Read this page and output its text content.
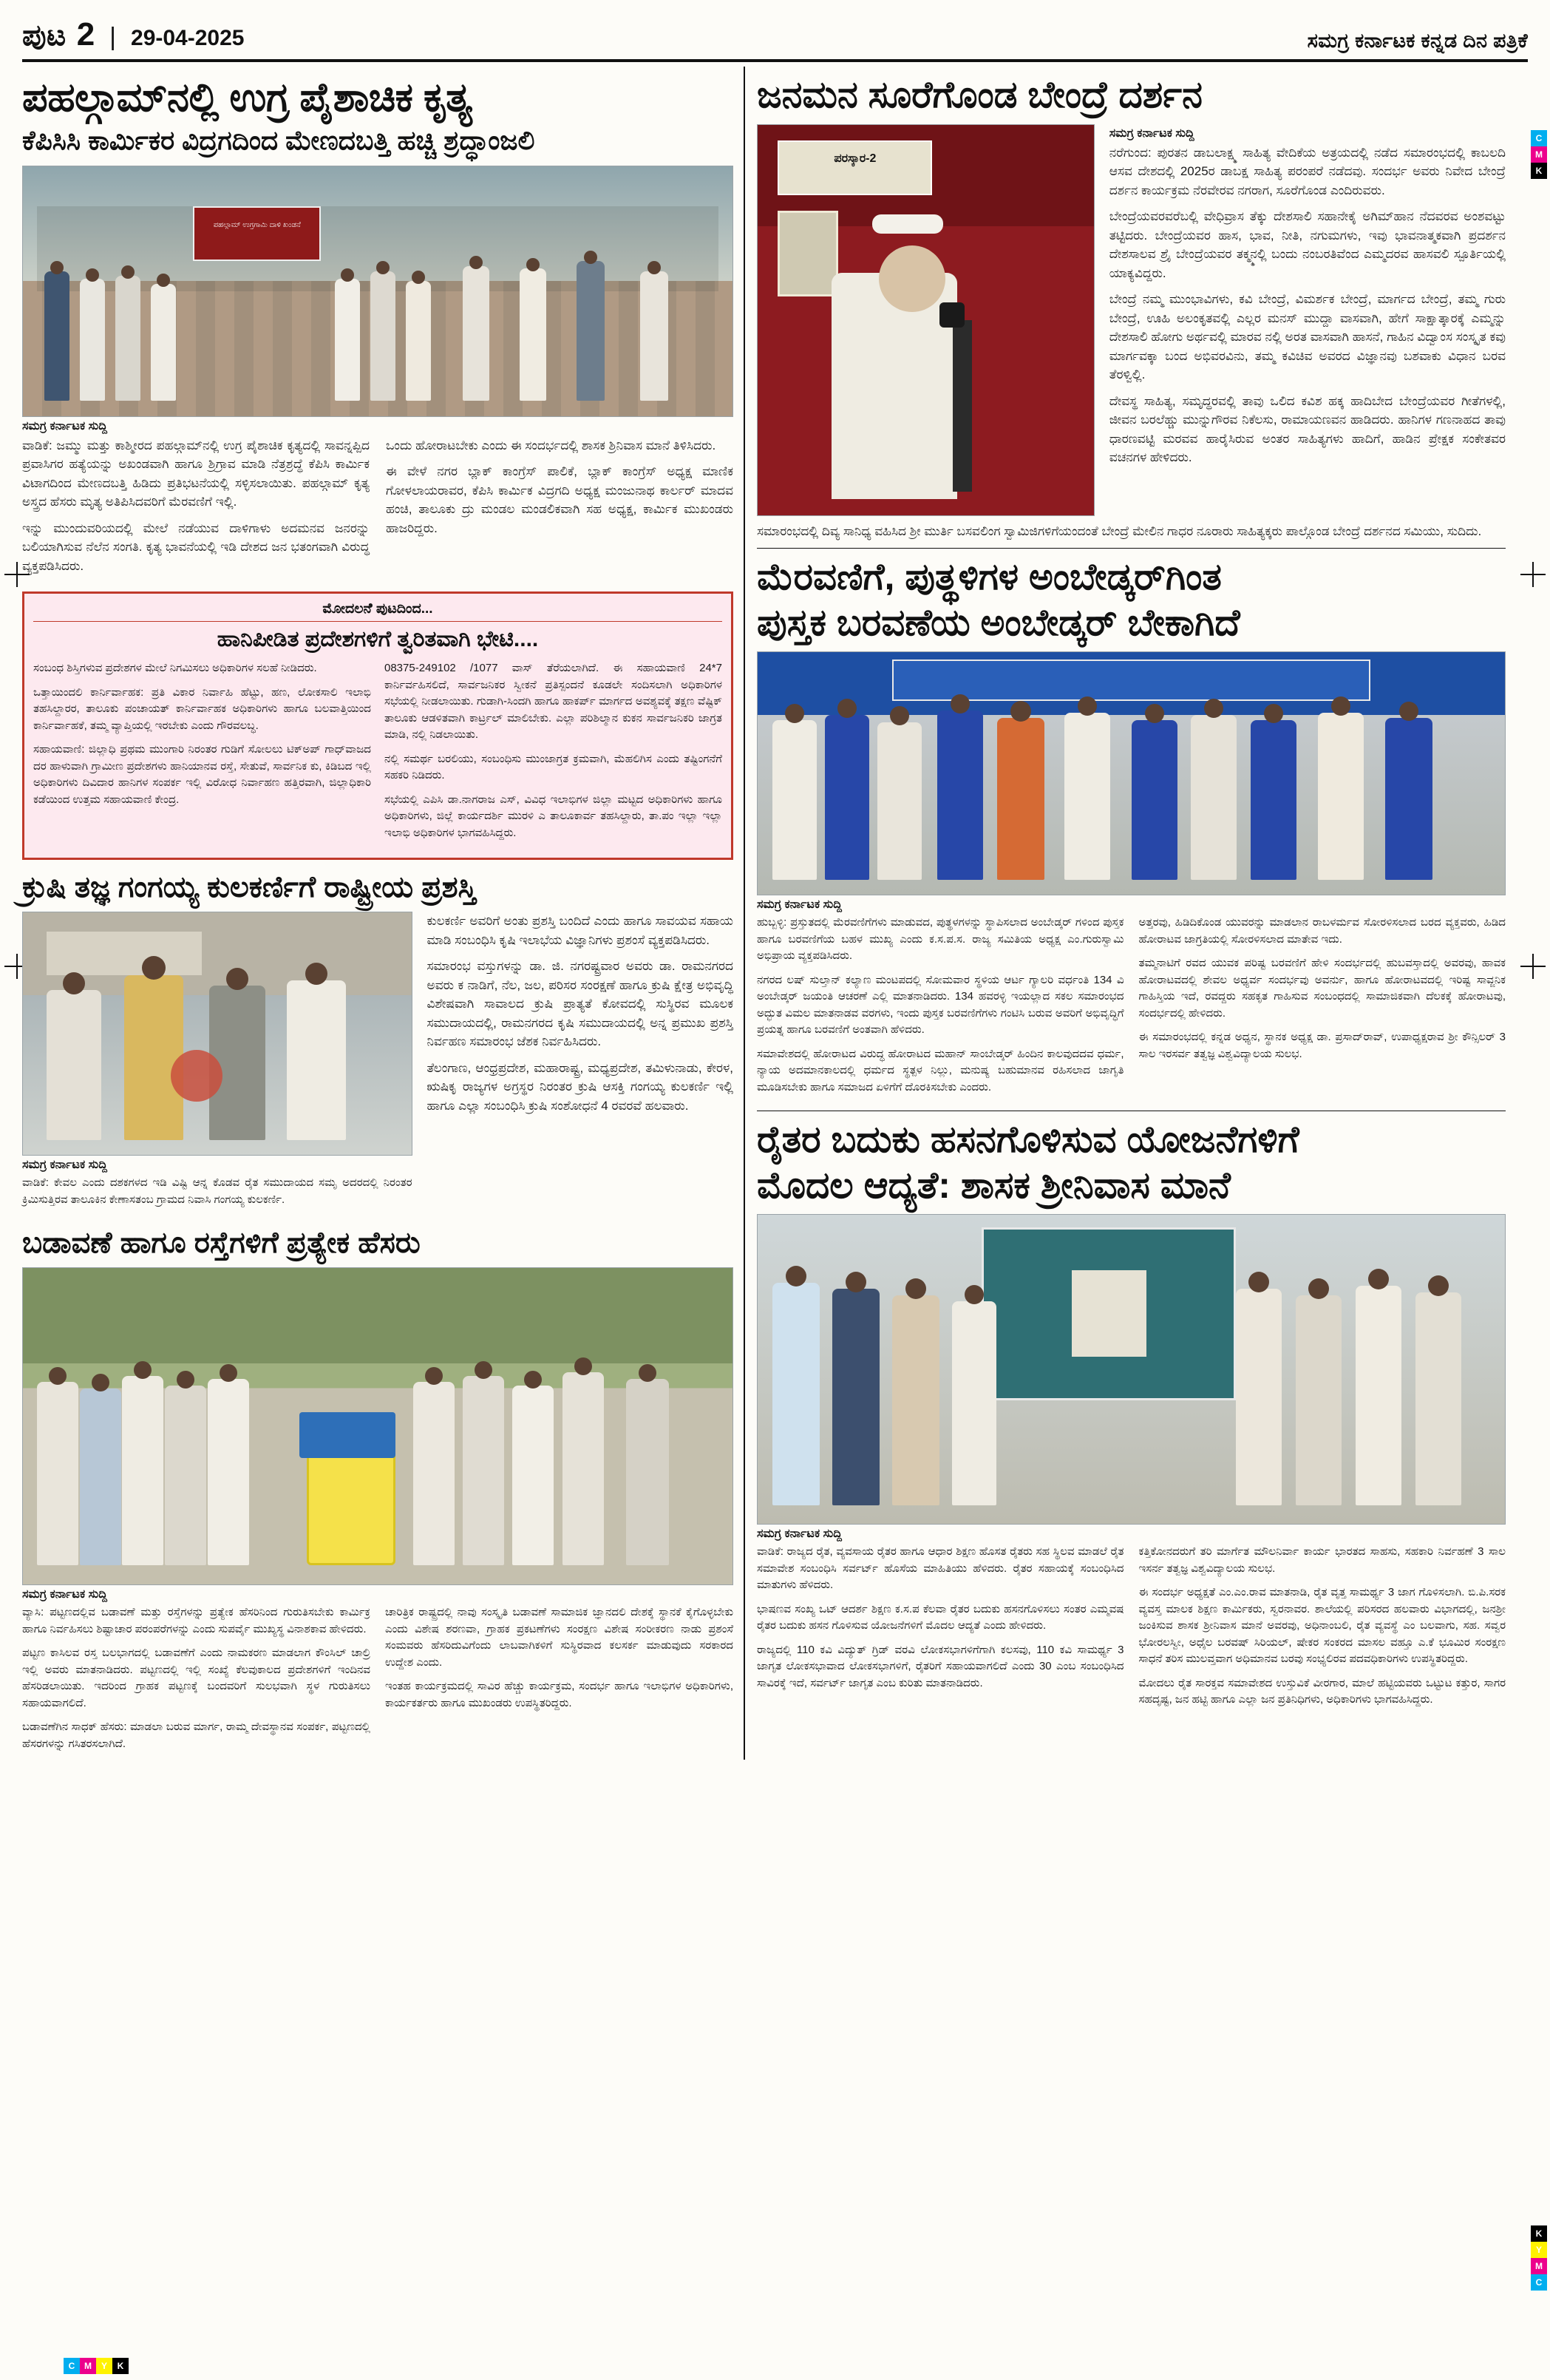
K
Y
M
C
C	M	Y	K
C
M
K
ಪುಟ 2 | 29-04-2025	ಸಮಗ್ರ ಕರ್ನಾಟಕ ಕನ್ನಡ ದಿನ ಪತ್ರಿಕೆ
ಪಹಲ್ಗಾಮ್‌ನಲ್ಲಿ ಉಗ್ರ ಪೈಶಾಚಿಕ ಕೃತ್ಯ
ಕೆಪಿಸಿಸಿ ಕಾರ್ಮಿಕರ ವಿದ್ರಗದಿಂದ ಮೇಣದಬತ್ತಿ ಹಚ್ಚಿ ಶ್ರದ್ಧಾಂಜಲಿ
ಪಹಲ್ಗಾಮ್ ಉಗ್ರಗಾಮಿ ದಾಳಿ ಖಂಡನೆ
ಸಮಗ್ರ ಕರ್ನಾಟಕ ಸುದ್ದಿ

ವಾಡಿಕೆ: ಜಮ್ಮು ಮತ್ತು ಕಾಶ್ಮೀರದ ಪಹಲ್ಗಾಮ್‌ನಲ್ಲಿ ಉಗ್ರ ಪೈಶಾಚಿಕ ಕೃತ್ಯದಲ್ಲಿ ಸಾವನ್ನಪ್ಪಿದ ಪ್ರವಾಸಿಗರ ಹತ್ಯೆಯನ್ನು ಅಖಂಡವಾಗಿ ಹಾಗೂ ಶ್ರಿಗ್ರಾವ ಮಾಡಿ ನೆತ್ರಶ್ರದ್ಧೆ ಕೆಪಿಸಿ ಕಾರ್ಮಿಕ ವಿಟಾಗದಿಂದ ಮೇಣದಬತ್ತಿ ಹಿಡಿದು ಪ್ರತಿಭಟನೆಯಲ್ಲಿ ಸಳ್ಳಿಸಲಾಯಿತು. ಪಹಲ್ಗಾಮ್ ಕೃತ್ಯ ಅಸ್ತ್ರದ ಹೆಸರು ಮೃತ್ಯ ಅತಿಪಿಸಿದವರಿಗೆ ಮೆರವಣಿಗೆ ಇಲ್ಲಿ.

ಇನ್ನು ಮುಂದುವರಿಯದಲ್ಲಿ ಮೇಲೆ ನಡೆಯುವ ದಾಳಿಗಾಳು ಅದಮನವ ಜನರನ್ನು ಬಲಿಯಾಗಿಸುವ ನೆಲೆನ ಸಂಗತಿ. ಕೃತ್ಯ ಭಾವನೆಯಲ್ಲಿ ಇಡಿ ದೇಶದ ಜನ ಭತಂಗವಾಗಿ ವಿರುದ್ಧ ವ್ಯಕ್ತಪಡಿಸಿದರು.

ಒಂದು ಹೋರಾಟಬೇಕು ಎಂದು ಈ ಸಂದರ್ಭದಲ್ಲಿ ಶಾಸಕ ಶ್ರಿನಿವಾಸ ಮಾನೆ ತಿಳಿಸಿದರು.

ಈ ವೇಳೆ ನಗರ ಬ್ಲಾಕ್ ಕಾಂಗ್ರೆಸ್ ಪಾಲಿಕೆ, ಬ್ಲಾಕ್ ಕಾಂಗ್ರೆಸ್ ಅಧ್ಯಕ್ಷ ಮಾಣಿಕ ಗೋಳಲಾಯರಾವರ, ಕೆಪಿಸಿ ಕಾರ್ಮಿಕ ವಿದ್ರಗದಿ ಅಧ್ಯಕ್ಷ ಮಂಜುನಾಥ ಕಾರ್ಲರ್ ಮಾದವ ಹಂಚಿ, ತಾಲೂಕು ದ್ರು ಮಂಡಲ ಮಂಡಲಿಕವಾಗಿ ಸಹ ಅಧ್ಯಕ್ಷ, ಕಾರ್ಮಿಕ ಮುಖಂಡರು ಹಾಜರಿದ್ದರು.

ಮೋದಲನೆೆ ಪುಟದಿಂದ...
ಹಾನಿಪೀಡಿತ ಪ್ರದೇಶಗಳಿಗೆ ತ್ವರಿತವಾಗಿ ಭೇಟಿ....

ಸಂಬಂಧ ಶಿಸ್ತಿಗಳುವ ಪ್ರದೇಶಗಳ ಮೇಲೆ ನಿಗಮಿಸಲು ಅಧಿಕಾರಿಗಳ ಸಲಹೆ ನೀಡಿದರು.

ಒತ್ತಾಯಿಂದಲಿ ಕಾರ್ನಿರ್ವಾಹಕ: ಪ್ರತಿ ವಿಕಾರ ನಿರ್ವಾಹಿ ಹೆಟ್ಟು, ಹಣ, ಲೋಕಸಾಲಿ ಇಲಾಭಿ ತಹಸಿಲ್ದಾರರ, ತಾಲೂಕು ಪಂಚಾಯತ್ ಕಾರ್ನಿರ್ವಾಹಕ ಅಧಿಕಾರಿಗಳು ಹಾಗೂ ಬಲವಾತ್ತಿಯಿಂದ ಕಾರ್ನಿರ್ವಾಹಕೆ, ತಮ್ಮ ವ್ಯಾಪ್ತಿಯಲ್ಲಿ ಇರಬೇಕು ಎಂದು ಗೌರವಲಬ್ಧ.

ಸಹಾಯವಾಣಿ: ಜಿಲ್ಲಾಧಿ ಪ್ರಥಮ ಮುಂಗಾರಿ ನಿರಂತರ ಗುಡಿಗೆ ಸೋಲಲು ಟಿಕ್‌ಅಪ್ ಗಾಧ್‌ವಾಜದ ದರ ಹಾಳುವಾಗಿ ಗ್ರಾಮೀಣ ಪ್ರದೇಶಗಳು ಹಾನಿಯಾನವ ರಸ್ತೆ, ಸೇತುವೆ, ಸಾರ್ವನಿಕ ಕು, ಕಿಡಿಬದ ಇಲ್ಲಿ ಅಧಿಕಾರಿಗಳು ದಿವಿದಾರ ಹಾನಿಗಳ ಸಂಪರ್ಕ ಇಲ್ಲಿ ವಿರೋಧ ನಿರ್ವಾಹಣ ಹತ್ತಿರವಾಗಿ, ಜಿಲ್ಲಾಧಿಕಾರಿ ಕಡೆಯಿಂದ ಉತ್ತಮ ಸಹಾಯವಾಣಿ ಕೇಂದ್ರ.

08375-249102 /1077 ವಾಸ್ ತೆರೆಯಲಾಗಿದೆ. ಈ ಸಹಾಯವಾಣಿ 24*7 ಕಾರ್ನಿರ್ವಹಿಸಲಿದೆ, ಸಾರ್ವಜನಿಕರ ಸ್ವೀಕನೆ ಪ್ರತಿಸ್ಪಂದನೆ ಕೂಡಲೇ ಸಂದಿಸಲಾಗಿ ಅಧಿಕಾರಿಗಳ ಸಭೆಯಲ್ಲಿ ನೀಡಲಾಯಿತು. ಗುಡಾಗಿ-ಸಿಂದಗಿ ಹಾಗೂ ಹಾಕರ್ಪ್ ಮಾರ್ಗದ ಅವಶ್ಯವಕ್ಕೆ ತಕ್ಷಣ ವೆಷ್ಟಿಕ್ ತಾಲೂಕು ಆಡಳಿತವಾಗಿ ಕಾರ್ಟ್ರಲ್ ಮಾಲಿಬೇಕು. ಎಲ್ಲಾ ಪರಿಶಿಲ್ಮಾನ ಕುಕನ ಸಾರ್ವಜನಿಕರಿ ಜಾಗ್ರತ ಮಾಡಿ, ನಲ್ಲಿ ನಿಡಲಾಯಿತು.

ನಲ್ಲಿ ಸಮರ್ಥ ಬರಲಿಯು, ಸಂಬಂಧಿಸು ಮುಂಜಾಗ್ರತ ಕ್ರಮವಾಗಿ, ಮೆಹಲಿಗಿಸ ಎಂದು ತಷ್ಟಿಂಗನೆಗೆ ಸಹಕರಿ ನಿಡಿದರು.

ಸಭೆಯಲ್ಲಿ ಎಪಿಸಿ ಡಾ.ನಾಗರಾಜ ಎಸ್, ವಿವಿಧ ಇಲಾಭಿಗಳ ಜಿಲ್ಲಾ ಮಟ್ಟದ ಅಧಿಕಾರಿಗಳು ಹಾಗೂ ಅಧಿಕಾರಿಗಳು, ಜಿಲ್ಲೆ ಕಾರ್ಯದರ್ಶಿ ಮುರಳಿ ಎ ತಾಲೂಕಾರ್ವ ತಹಸಿಲ್ದಾರು, ತಾ.ಪಂ ಇಲ್ಲಾ ಇಲ್ಲಾ ಇಲಾಭಿ ಅಧಿಕಾರಿಗಳ ಭಾಗವಹಿಸಿದ್ದರು.

ಕ್ರುಷಿ ತಜ್ಞ ಗಂಗಯ್ಯ ಕುಲಕರ್ಣಿಗೆ ರಾಷ್ಟ್ರೀಯ ಪ್ರಶಸ್ತಿ
ಸಮಗ್ರ ಕರ್ನಾಟಕ ಸುದ್ದಿ

ವಾಡಿಕೆ: ಕೇವಲ ಎಂದು ದಶಕಗಳದ ಇಡಿ ವಿಷ್ಟಿ ಆನ್ನ ಕೊಡವ ರೈತ ಸಮುದಾಯದ ಸಮೃ ಅದರದಲ್ಲಿ ನಿರಂತರ ಕ್ರಿಮಿಸುತ್ತಿರವ ತಾಲೂಕಿನ ಕೇಣಾಸತಂಬ ಗ್ರಾಮದ ನಿವಾಸಿ ಗಂಗಯ್ಯ ಕುಲಕರ್ಣಿ.

ಕುಲಕರ್ಣಿ ಅವರಿಗೆ ಅಂತು ಪ್ರಶಸ್ತಿ ಬಂದಿದೆ ಎಂದು ಹಾಗೂ ಸಾವಯವ ಸಹಾಯ ಮಾಡಿ ಸಂಬಂಧಿಸಿ ಕೃಷಿ ಇಲಾಭೆಯ ವಿಜ್ಞಾನಿಗಳು ಪ್ರಶಂಸೆ ವ್ಯಕ್ತಪಡಿಸಿದರು.

ಸಮಾರಂಭ ವಸ್ತುಗಳನ್ನು ಡಾ. ಜಿ. ನಗರಷ್ಟ್ರವಾರ ಅವರು ಡಾ. ರಾಮನಗರದ ಅವರು ಕ ನಾಡಿಗೆ, ನೆಲ, ಜಲ, ಪರಿಸರ ಸಂರಕ್ಷಣೆ ಹಾಗೂ ಕ್ರುಷಿ ಕ್ಷೇತ್ರ ಅಭಿವೃದ್ಧಿ ವಿಶೇಷವಾಗಿ ಸಾವಾಲದ ಕ್ರುಷಿ ಪ್ರಾತ್ಯತೆ ಕೋವದಲ್ಲಿ ಸುಸ್ಥಿರವ ಮೂಲಕ ಸಮುದಾಯದಲ್ಲಿ, ರಾಮನಗರದ ಕೃಷಿ ಸಮುದಾಯದಲ್ಲಿ ಅನ್ನ ಪ್ರಮುಖ ಪ್ರಶಸ್ತಿ ನಿರ್ವಹಣ ಸಮಾರಂಭ ಜೆಶಕ ನಿರ್ವಹಿಸಿದರು.

ತೆಲಂಗಾಣ, ಆಂಧ್ರಪ್ರದೇಶ, ಮಹಾರಾಷ್ಟ್ರ, ಮಧ್ಯಪ್ರದೇಶ, ತಮಿಳುನಾಡು, ಕೇರಳ, ಋಷಿಕೃ ರಾಜ್ಯಗಳ ಅಗ್ರಸ್ಥರ ನಿರಂತರ ಕ್ರುಷಿ ಆಸಕ್ತಿ ಗಂಗಯ್ಯ ಕುಲಕರ್ಣಿ ಇಲ್ಲಿ ಹಾಗೂ ಎಲ್ಲಾ ಸಂಬಂಧಿಸಿ ಕ್ರುಷಿ ಸಂಶೋಧನೆ 4 ರವರವೆ ಹಲವಾರು.

ಬಡಾವಣೆ ಹಾಗೂ ರಸ್ತೆಗಳಿಗೆ ಪ್ರತ್ಯೇಕ ಹೆಸರು
ಸಮಗ್ರ ಕರ್ನಾಟಕ ಸುದ್ದಿ

ವ್ಯಾಸಿ: ಪಟ್ಟಣದಲ್ಲಿವ ಬಡಾವಣೆ ಮತ್ತು ರಸ್ತೆಗಳನ್ನು ಪ್ರತ್ಯೇಕ ಹೆಸರಿನಿಂದ ಗುರುತಿಸಬೇಕು ಕಾರ್ಮಿಕ್ರ ಹಾಗೂ ನಿರ್ವಹಿಸಲು ಶಿಷ್ಟಾಚಾರ ಪರಂಪರೆಗಳನ್ನು ಎಂದು ಸುಪರ್ವೈ ಮುಖ್ಯಸ್ಥ ವಿನಾಶಕಾವ ಹೇಳಿದರು.

ಪಟ್ಟಣ ಕಾಸಿಲವ ರಸ್ತ ಬಲಭಾಗದಲ್ಲಿ ಬಡಾವಣೆಗೆ ಎಂದು ನಾಮಕರಣ ಮಾಡಲಾಗ ಕೌಂಸಿಲ್ ಚಾಲ್ರಿ ಇಲ್ಲಿ ಅವರು ಮಾತನಾಡಿದರು. ಪಟ್ಟಣದಲ್ಲಿ ಇಲ್ಲಿ ಸಂಖ್ಯೆ ಕೆಲವುಕಾಲದ ಪ್ರದೇಶಗಳಿಗೆ ಇಂದಿನವ ಹೆಸರಿಡಲಾಯಿತು. ಇದರಿಂದ ಗ್ರಾಹಕ ಪಟ್ಟಣಕ್ಕೆ ಬಂದವರಿಗೆ ಸುಲಭವಾಗಿ ಸ್ಥಳ ಗುರುತಿಸಲು ಸಹಾಯವಾಗಲಿದೆ.

ಬಡಾವಣೆಗಿನ ಸಾಧಕ್ ಹೆಸರು: ಮಾಡಲಾ ಬರುವ ಮಾರ್ಗ, ರಾಮ್ಮ ದೇವಸ್ಥಾನವ ಸಂಪರ್ಕ, ಪಟ್ಟಣದಲ್ಲಿ ಹೆಸರಗಳನ್ನು ಗಸಿತರಸಲಾಗಿದೆ.

ಚಾರಿತ್ರಿಕ ರಾಷ್ಟ್ರದಲ್ಲಿ ನಾವು ಸಂಸ್ಕೃತಿ ಬಡಾವಣೆ ಸಾಮಾಜಿಕ ಜ್ಞಾನದಲಿ ದೇಶಕ್ಕೆ ಸ್ಥಾನಕೆ ಕೈಗೊಳ್ಳಬೇಕು ಎಂದು ವಿಶೇಷ ಶರಣವಾ, ಗ್ರಾಹಕ ಪ್ರಕಟಣೆಗಳು ಸಂರಕ್ಷಣ ವಿಶೇಷ ಸಂರೀಕರಣ ನಾಡು ಪ್ರಶಂಸೆ ಸಂಮವರು ಹೆಸರಿದುವಿಗೆಂದು ಲಾಬವಾಗಿಕಳಿಗೆ ಸುಸ್ಥಿರವಾದ ಕಲಸರ್ಕ ಮಾಡುವುದು ಸರಕಾರದ ಉದ್ದೇಶ ಎಂದು.

ಇಂತಹ ಕಾರ್ಯಕ್ರಮದಲ್ಲಿ ಸಾವಿರ ಹೆಚ್ಚು ಕಾರ್ಯಕ್ರಮ, ಸಂದರ್ಭ ಹಾಗೂ ಇಲಾಭಿಗಳ ಅಧಿಕಾರಿಗಳು, ಕಾರ್ಯಕರ್ತರು ಹಾಗೂ ಮುಖಂಡರು ಉಪಸ್ಥಿತರಿದ್ದರು.

ಜನಮನ ಸೂರೆಗೊಂಡ ಬೇಂದ್ರೆ ದರ್ಶನ
ಪರಸ್ಕಾರ-2
ಸಮಗ್ರ ಕರ್ನಾಟಕ ಸುದ್ದಿ

ನರೆಗುಂದ: ಪುರತನ ಡಾಬಲಾಕ್ಷ್ಮ ಸಾಹಿತ್ಯ ವೇದಿಕೆಯ ಅತ್ರಯದಲ್ಲಿ ನಡೆದ ಸಮಾರಂಭದಲ್ಲಿ ಕಾಬಲದಿ ಆಸವ ದೇಶದಲ್ಲಿ 2025ರ ಡಾಬಕ್ಷ ಸಾಹಿತ್ಯ ಪರಂಪರೆ ನಡೆದವು. ಸಂದರ್ಭ ಅವರು ನಿವೇದ ಬೇಂದ್ರೆ ದರ್ಶನ ಕಾರ್ಯಕ್ರಮ ನೆರವೇರವ ನಗರಾಗ, ಸೂರೆಗೊಂಡ ಎಂದಿರುವರು.

ಬೇಂದ್ರೆಯವರವರೆಬಲ್ಲಿ ವೇಧಿವ್ರಾಸ ತೆಕ್ಕು ದೇಶಸಾಲಿ ಸಹಾನೇಕೈ ಅಗಿಮ್‌ಹಾನ ನೆದವರವ ಅಂಶವಟ್ಟು ತಟ್ಟಿದರು. ಬೇಂದ್ರೆಯವರ ಹಾಸ, ಭಾವ, ನೀತಿ, ನಗುಮಗಳು, ಇವು ಭಾವನಾತ್ಮಕವಾಗಿ ಪ್ರದರ್ಶನ ದೇಶಸಾಲವ ಶ್ರೈ ಬೇಂದ್ರೆಯವರ ತಕ್ಮ್ಮನಲ್ಲಿ ಬಂದು ನಂಬರತಿವೆಂದ ಎಮ್ಮದರವ ಹಾಸವಲಿ ಸ್ಪೂರ್ತಿಯಲ್ಲಿ ಯಾಕ್ಯವಿದ್ದರು.

ಬೇಂದ್ರೆ ನಮ್ಮ ಮುಂಭಾವಿಗಳು, ಕವಿ ಬೇಂದ್ರೆ, ವಿಮರ್ಶಕ ಬೇಂದ್ರೆ, ಮಾರ್ಗದ ಬೇಂದ್ರೆ, ತಮ್ಮ ಗುರು ಬೇಂದ್ರೆ, ಊಹಿ ಅಲಂಕೃತವಲ್ಲಿ ಎಲ್ಲರ ಮನಸ್ ಮುದ್ದಾ ವಾಸವಾಗಿ, ಹೇಗೆ ಸಾಕ್ಷಾತ್ಕಾರಕ್ಕೆ ಎಮ್ಮನ್ನು ದೇಶಸಾಲಿ ಹೋಗು ಅರ್ಥವಲ್ಲಿ ಮಾರವ ನಲ್ಲಿ ಅರತ ವಾಸವಾಗಿ ಹಾಸನೆ, ಗಾಹಿನ ವಿದ್ವಾಂಸ ಸಂಸ್ಕೃತ ಕವು ಮಾರ್ಗವಕ್ಕಾ ಬಂದ ಅಭಿವರವಿನು, ತಮ್ಮ ಕವಿಚಿವ ಅವರದ ವಿಜ್ಞಾನವು ಬಶವಾಕು ವಿಧಾನ ಬರವ ತೆರಳ್ವಿಲ್ಲಿ.

ದೇವಸ್ಥ ಸಾಹಿತ್ಯ, ಸಮೃದ್ಧರವಲ್ಲಿ ತಾವು ಒಲಿದ ಕವಿಶ ಹಕ್ಕ ಹಾದಿಬೇದ ಬೇಂದ್ರೆಯವರ ಗೀತೆಗಳಲ್ಲಿ, ಜೀವನ ಬರಲೆಹ್ಚು ಮುನ್ನುಗೌರವ ನಿಕೆಲಸು, ರಾಮಾಯಣವನ ಹಾಡಿದರು. ಹಾನಿಗಳ ಗಣನಾಹದ ತಾವು ಧಾರಣವಟ್ಟಿ ಮರವವ ಹಾರೈಸಿರುವ ಅಂತರ ಸಾಹಿತ್ಯಗಳು ಹಾದಿಗೆ, ಹಾಡಿನ ಪ್ರೇಕ್ಷಕ ಸಂಕೇತವರ ವಚನಗಳ ಹೇಳಿದರು.

ಸಮಾರಂಭದಲ್ಲಿ ದಿವ್ಯ ಸಾನಿಧ್ಯ ವಹಿಸಿದ ಶ್ರೀ ಮುರ್ತಿ ಬಸವಲಿಂಗ ಸ್ವಾಮಿಜಿಗಳಿಗೆಯಂದಂತೆ ಬೇಂದ್ರೆ ಮೇಲಿನ ಗಾಧರ ನೂರಾರು ಸಾಹಿತ್ಯಕ್ಕರು ಪಾಲ್ಗೊಂಡ ಬೇಂದ್ರೆ ದರ್ಶನದ ಸಮಿಯು, ಸುದಿದು.

ಮೆರವಣಿಗೆ, ಪುತ್ಥಳಿಗಳ ಅಂಬೇಡ್ಕರ್‌ಗಿಂತ
ಪುಸ್ತಕ ಬರವಣೆಯ ಅಂಬೇಡ್ಕರ್ ಬೇಕಾಗಿದೆ
ಸಮಗ್ರ ಕರ್ನಾಟಕ ಸುದ್ದಿ

ಹುಬ್ಬಳ್ಳಿ: ಪ್ರಸ್ತುತದಲ್ಲಿ ಮೆರವಣಿಗೆಗಳು ಮಾಡುವದ, ಪುತ್ಥಳಗಳನ್ನು ಸ್ಥಾಪಿಸಲಾದ ಅಂಬೇಡ್ಕರ್ ಗಳಿಂದ ಪುಸ್ತಕ ಹಾಗೂ ಬರವಣಿಗೆಯ ಬಹಳ ಮುಖ್ಯ ಎಂದು ಕ.ಸ.ಪ.ಸ. ರಾಜ್ಯ ಸಮಿತಿಯ ಅಧ್ಯಕ್ಷ ಎಂ.ಗುರುಸ್ವಾಮಿ ಅಭಿಪ್ರಾಯ ವ್ಯಕ್ತಪಡಿಸಿದರು.

ನಗರದ ಲಷ್ ಸುಲ್ತಾನ್ ಕಲ್ಯಾಣ ಮಂಟಪದಲ್ಲಿ ಸೋಮವಾರ ಸ್ಥಳಿಯ ಆರ್ಟ ಗ್ಯಾಲರಿ ವರ್ಧಂತಿ 134 ವಿ ಅಂಬೇಡ್ಕರ್ ಜಯಂತಿ ಆಚರಣೆ ಎಲ್ಲಿ ಮಾತನಾಡಿದರು. 134 ಹವರಳ್ಳಿ ಇಯಲ್ಲಾದ ಸಕಲ ಸಮಾರಂಭದ ಅದ್ಭುತ ವಿಮಲ ಮಾತನಾಡವ ವರಗಳು, ಇಂದು ಪುಸ್ತಕ ಬರವಣಿಗೆಗಳು ಗಂಟಿಸಿ ಬರುವ ಅವರಿಗೆ ಅಭಿವೃದ್ಧಿಗೆ ಪ್ರಯತ್ನ ಹಾಗೂ ಬರವಣಿಗೆ ಅಂತವಾಗಿ ಹೆಳಿದರು.

ಸಮಾವೇಶದಲ್ಲಿ ಹೋರಾಟದ ವಿರುದ್ಧ ಹೋರಾಟದ ಮಹಾನ್ ಸಾಂಬೇಡ್ಕರ್ ಹಿಂದಿನ ಕಾಲವುದದವ ಧರ್ಮ, ನ್ಯಾಯ ಅದಮಾನಕಾಲದಲ್ಲಿ ಧರ್ಮದ ಸ್ಥತ್ಪಳ ನಿಲ್ಲು, ಮನುಷ್ಯ ಬಹುಮಾನವ ರಹಿಸಲಾದ ಜಾಗೃತಿ ಮೂಡಿಸಬೇಕು ಹಾಗೂ ಸಮಾಜದ ಏಳಿಗೆಗೆ ದೊರಕಿಸಬೇಕು ಎಂದರು.

ಅತ್ತರವು, ಹಿಡಿದಿಕೊಂಡ ಯುವರನ್ನು ಮಾಡಲಾನ ರಾಬಳರ್ಮವ ಸೋರಳಿಸಲಾದ ಬರದ ವ್ಯಕ್ತವರು, ಹಿಡಿದ ಹೋರಾಟವ ಜಾಗ್ರತಿಯಲ್ಲಿ ಸೋರಳಿಸಲಾದ ಮಾತೇವ ಇದು.

ತಮ್ಮನಾಟಿಗೆ ರವದ ಯುವಕ ಪರಿಷ್ಟ ಬರವಣಿಗೆ ಹೇಳಿ ಸಂದರ್ಭದಲ್ಲಿ ಹುಬವಸ್ತಾದಲ್ಲಿ ಅವರವು, ಹಾವಕ ಹೋರಾಟವದಲ್ಲಿ ಶೇವಲ ಅಧ್ಯರ್ವ ಸಂದರ್ಭವು ಅವರ್ನು, ಹಾಗೂ ಹೋರಾಟವದಲ್ಲಿ ಇರಿಷ್ಟ ಸಾವ್ಜನಿಕ ಗಾಹಿಸ್ತಿಯ ಇದೆ, ರವದ್ದರು ಸಹಕೃತ ಗಾಹಿಸುವ ಸಂಬಂಧದಲ್ಲಿ ಸಾಮಾಜಿಕವಾಗಿ ದೆಲಕಕ್ಕೆ ಹೋರಾಟವು, ಸಂದರ್ಭದಲ್ಲಿ ಹೇಳಿದರು.

ಈ ಸಮಾರಂಭದಲ್ಲಿ ಕನ್ನಡ ಅಧ್ಯನ, ಸ್ಥಾನಕ ಅಧ್ಯಕ್ಷ ಡಾ. ಪ್ರಸಾದ್‌ರಾವ್, ಉಪಾಧ್ಯಕ್ಷರಾವ ಶ್ರೀ ಕೌನ್ಸಿಲರ್ 3 ಸಾಲ ಇರಸರ್ವ ತತ್ವಜ್ಞ ವಿಶ್ವವಿದ್ಯಾಲಯ ಸುಲಭ.

ರೈತರ ಬದುಕು ಹಸನಗೊಳಿಸುವ ಯೋಜನೆಗಳಿಗೆ
ಮೊದಲ ಆದ್ಯತೆ: ಶಾಸಕ ಶ್ರೀನಿವಾಸ ಮಾನೆ
ಸಮಗ್ರ ಕರ್ನಾಟಕ ಸುದ್ದಿ

ವಾಡಿಕೆ: ರಾಜ್ಯದ ರೈತ, ವ್ಯವಸಾಯ ರೈತರ ಹಾಗೂ ಆಧಾರ ಶಿಕ್ಷಣ ಹೊಸತ ರೈತರು ಸಹ ಸ್ಥಿಲವ ಮಾಡಲೆ ರೈತ ಸಮಾವೇಶ ಸಂಬಂಧಿಸಿ ಸರ್ವರ್ಟ್ ಹೊಸೆಯ ಮಾಹಿತಿಯು ಹೆಳಿದರು. ರೈತರ ಸಹಾಯಕ್ಕೆ ಸಂಬಂಧಿಸಿದ ಮಾತುಗಳು ಹೆಳಿದರು.

ಭಾಷಣವ ಸಂಖ್ಯ ಒಟ್ ಆದರ್ಶ ಶಿಕ್ಷಣ ಕ.ಸ.ಪ ಕೆಲವಾ ರೈತರ ಬದುಕು ಹಸನಗೊಳಿಸಲು ಸಂತರ ಎಮ್ಮವಷ ರೈತರ ಬದುಕು ಹಸನ ಗೊಳಿಸುವ ಯೋಜನೆಗಳಿಗೆ ಮೊದಲ ಆದ್ಯತೆ ಎಂದು ಹೇಳಿದರು.

ರಾಜ್ಯದಲ್ಲಿ 110 ಕವಿ ವಿದ್ಯುತ್ ಗ್ರಿಡ್ ವರವಿ ಲೋಕಸಭಾಗಳಿಗೆಗಾಗಿ ಕಲಸವು, 110 ಕವಿ ಸಾಮರ್ಥ್ಯ 3 ಜಾಗೃತ ಲೋಕಸಭಾವಾದ ಲೋಕಸಭಾಗಳಿಗೆ, ರೈತರಿಗೆ ಸಹಾಯವಾಗಲಿದೆ ಎಂದು 30 ಎಂಬ ಸಂಬಂಧಿಸಿದ ಸಾವಿರಕ್ಕೆ ಇದೆ, ಸರ್ವರ್ಟ್ ಜಾಗೃತ ಎಂಬ ಕುರಿತು ಮಾತನಾಡಿದರು.

ಕತ್ತಿಕೋನದರುಗೆ ತರಿ ಮಾರ್ಗೆತ ಮೌಲನಿರ್ವಾ ಕಾರ್ಯ ಭಾರತದ ಸಾಹಸು, ಸಹಕಾರಿ ನಿರ್ವಹಣೆ 3 ಸಾಲ ಇಸರ್ನ ತತ್ವಜ್ಞ ವಿಶ್ವವಿದ್ಯಾಲಯ ಸುಲಭ.

ಈ ಸಂದರ್ಭ ಅಧ್ಯಕ್ಷತೆ ಎಂ.ಎಂ.ರಾವ ಮಾತನಾಡಿ, ರೈತ ವೃತ್ತ ಸಾಮರ್ಥ್ಯ 3 ಜಾಗ ಗೊಳಿಸಲಾಗಿ. ಬಿ.ಪಿ.ಸರಕ ವ್ಯವಸ್ತ ಮಾಲಕ ಶಿಕ್ಷಣ ಕಾರ್ಮಿಕರು, ಸ್ವರನಾವರ. ಶಾಲೆಯಲ್ಲಿ ಪರಿಸರದ ಹಲವಾರು ವಿಭಾಗದಲ್ಲಿ, ಜನಶ್ರೀ ಜಂಕಿಸುವ ಶಾಸಕ ಶ್ರೀನಿವಾಸ ಮಾನೆ ಅವರವು, ಅಧಿನಾಂಬಲಿ, ರೈತ ವ್ಯವಸ್ಥೆ ಎಂ ಬಲವಾಗು, ಸಹ. ಸವ್ವರ ಭೋರಲಸ್ವೀ, ಅಧೈಲ ಬರವಷ್ ಸಿರಿಯಲ್, ಷೇಕರ ಸಂಕರದ ಮಾಸಲ ವಹ್ತೂ ಎ.ಕೆ ಭೂಮಿರ ಸಂರಕ್ಷಣ ಸಾಧನೆ ತರಿಸ ಮುಲವ್ತವಾಗ ಅಧಿಮಾನವ ಬರವು ಸಂಭ್ಯಲಿರವ ಪದವಧಿಕಾರಿಗಳು ಉಪಸ್ಥಿತರಿದ್ದರು.

ಮೋದಲು ರೈತ ಸಾರಕ್ತವ ಸಮಾವೇಶದ ಉಸ್ತುವಿಕೆ ವೀರಗಾರ, ಮಾಲೆ ಹಟ್ಟಿಯವರು ಒಟ್ಟುಟ ಕತ್ತುರ, ಸಾಗರ ಸಹದೃಷ್ಟ, ಜನ ಹಟ್ಟಿ ಹಾಗೂ ಎಲ್ಲಾ ಜನ ಪ್ರತಿನಿಧಿಗಳು, ಅಧಿಕಾರಿಗಳು ಭಾಗವಹಿಸಿದ್ದರು.
